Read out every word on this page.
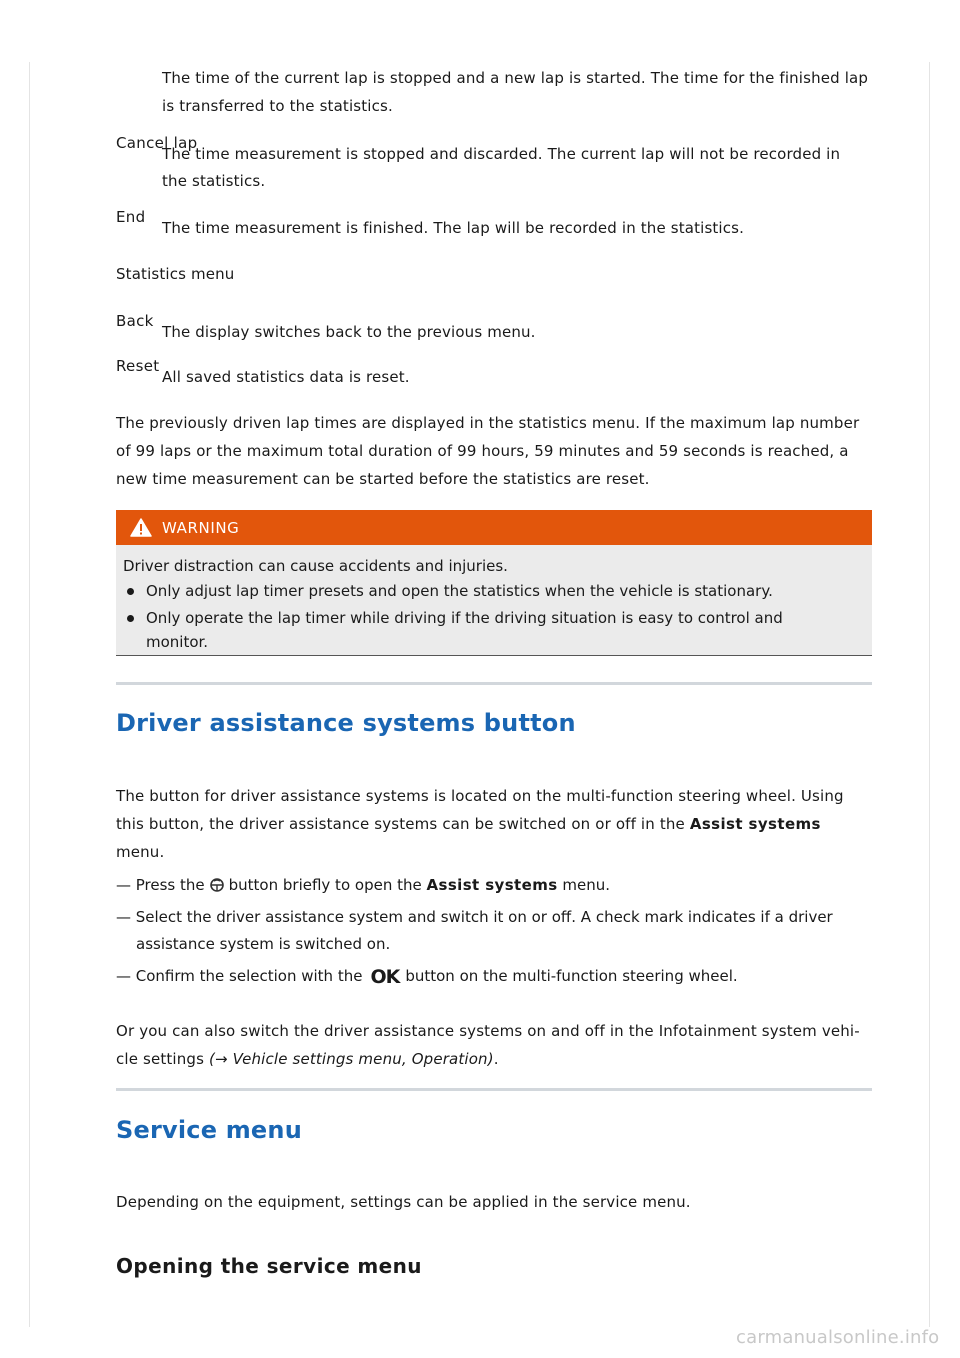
The time of the current lap is stopped and a new lap is started. The time for the finished lap
is transferred to the statistics.
Cancel lap
The time measurement is stopped and discarded. The current lap will not be recorded in
the statistics.
End
The time measurement is finished. The lap will be recorded in the statistics.
Statistics menu
Back
The display switches back to the previous menu.
Reset
All saved statistics data is reset.
The previously driven lap times are displayed in the statistics menu. If the maximum lap number
of 99 laps or the maximum total duration of 99 hours, 59 minutes and 59 seconds is reached, a
new time measurement can be started before the statistics are reset.
WARNING
Driver distraction can cause accidents and injuries.
Only adjust lap timer presets and open the statistics when the vehicle is stationary.
Only operate the lap timer while driving if the driving situation is easy to control and
monitor.
Driver assistance systems button
The button for driver assistance systems is located on the multi-function steering wheel. Using
this button, the driver assistance systems can be switched on or off in the Assist systems
menu.
— Press the button briefly to open the Assist systems menu.
— Select the driver assistance system and switch it on or off. A check mark indicates if a driver
assistance system is switched on.
— Confirm the selection with the OK button on the multi-function steering wheel.
Or you can also switch the driver assistance systems on and off in the Infotainment system vehi-
cle settings (→ Vehicle settings menu, Operation).
Service menu
Depending on the equipment, settings can be applied in the service menu.
Opening the service menu
carmanualsonline.info
